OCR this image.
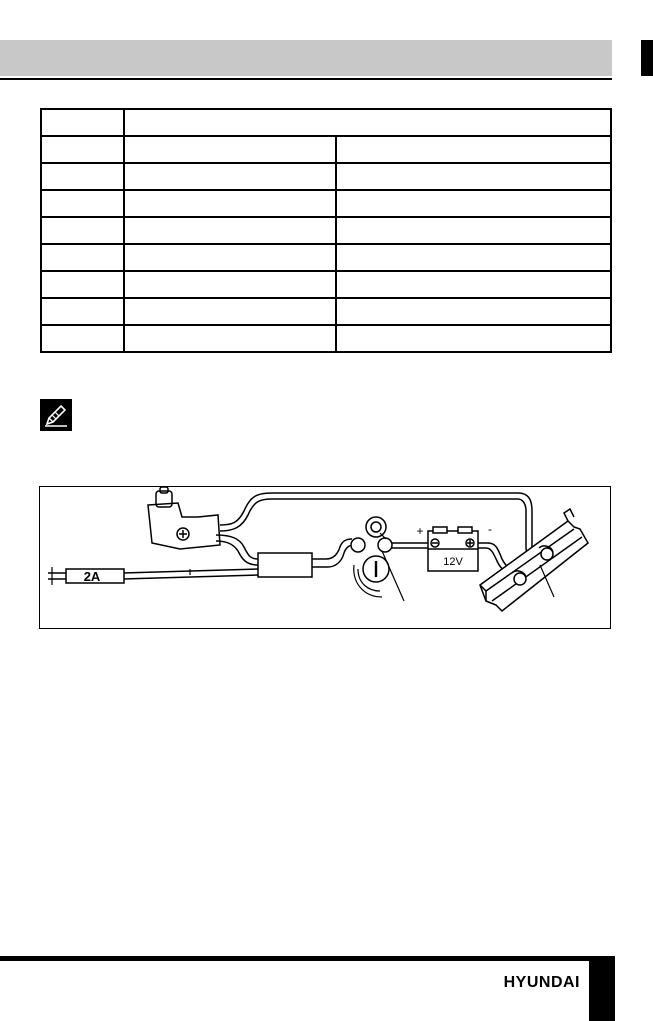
12V
+	-
2A
HYUNDAI
